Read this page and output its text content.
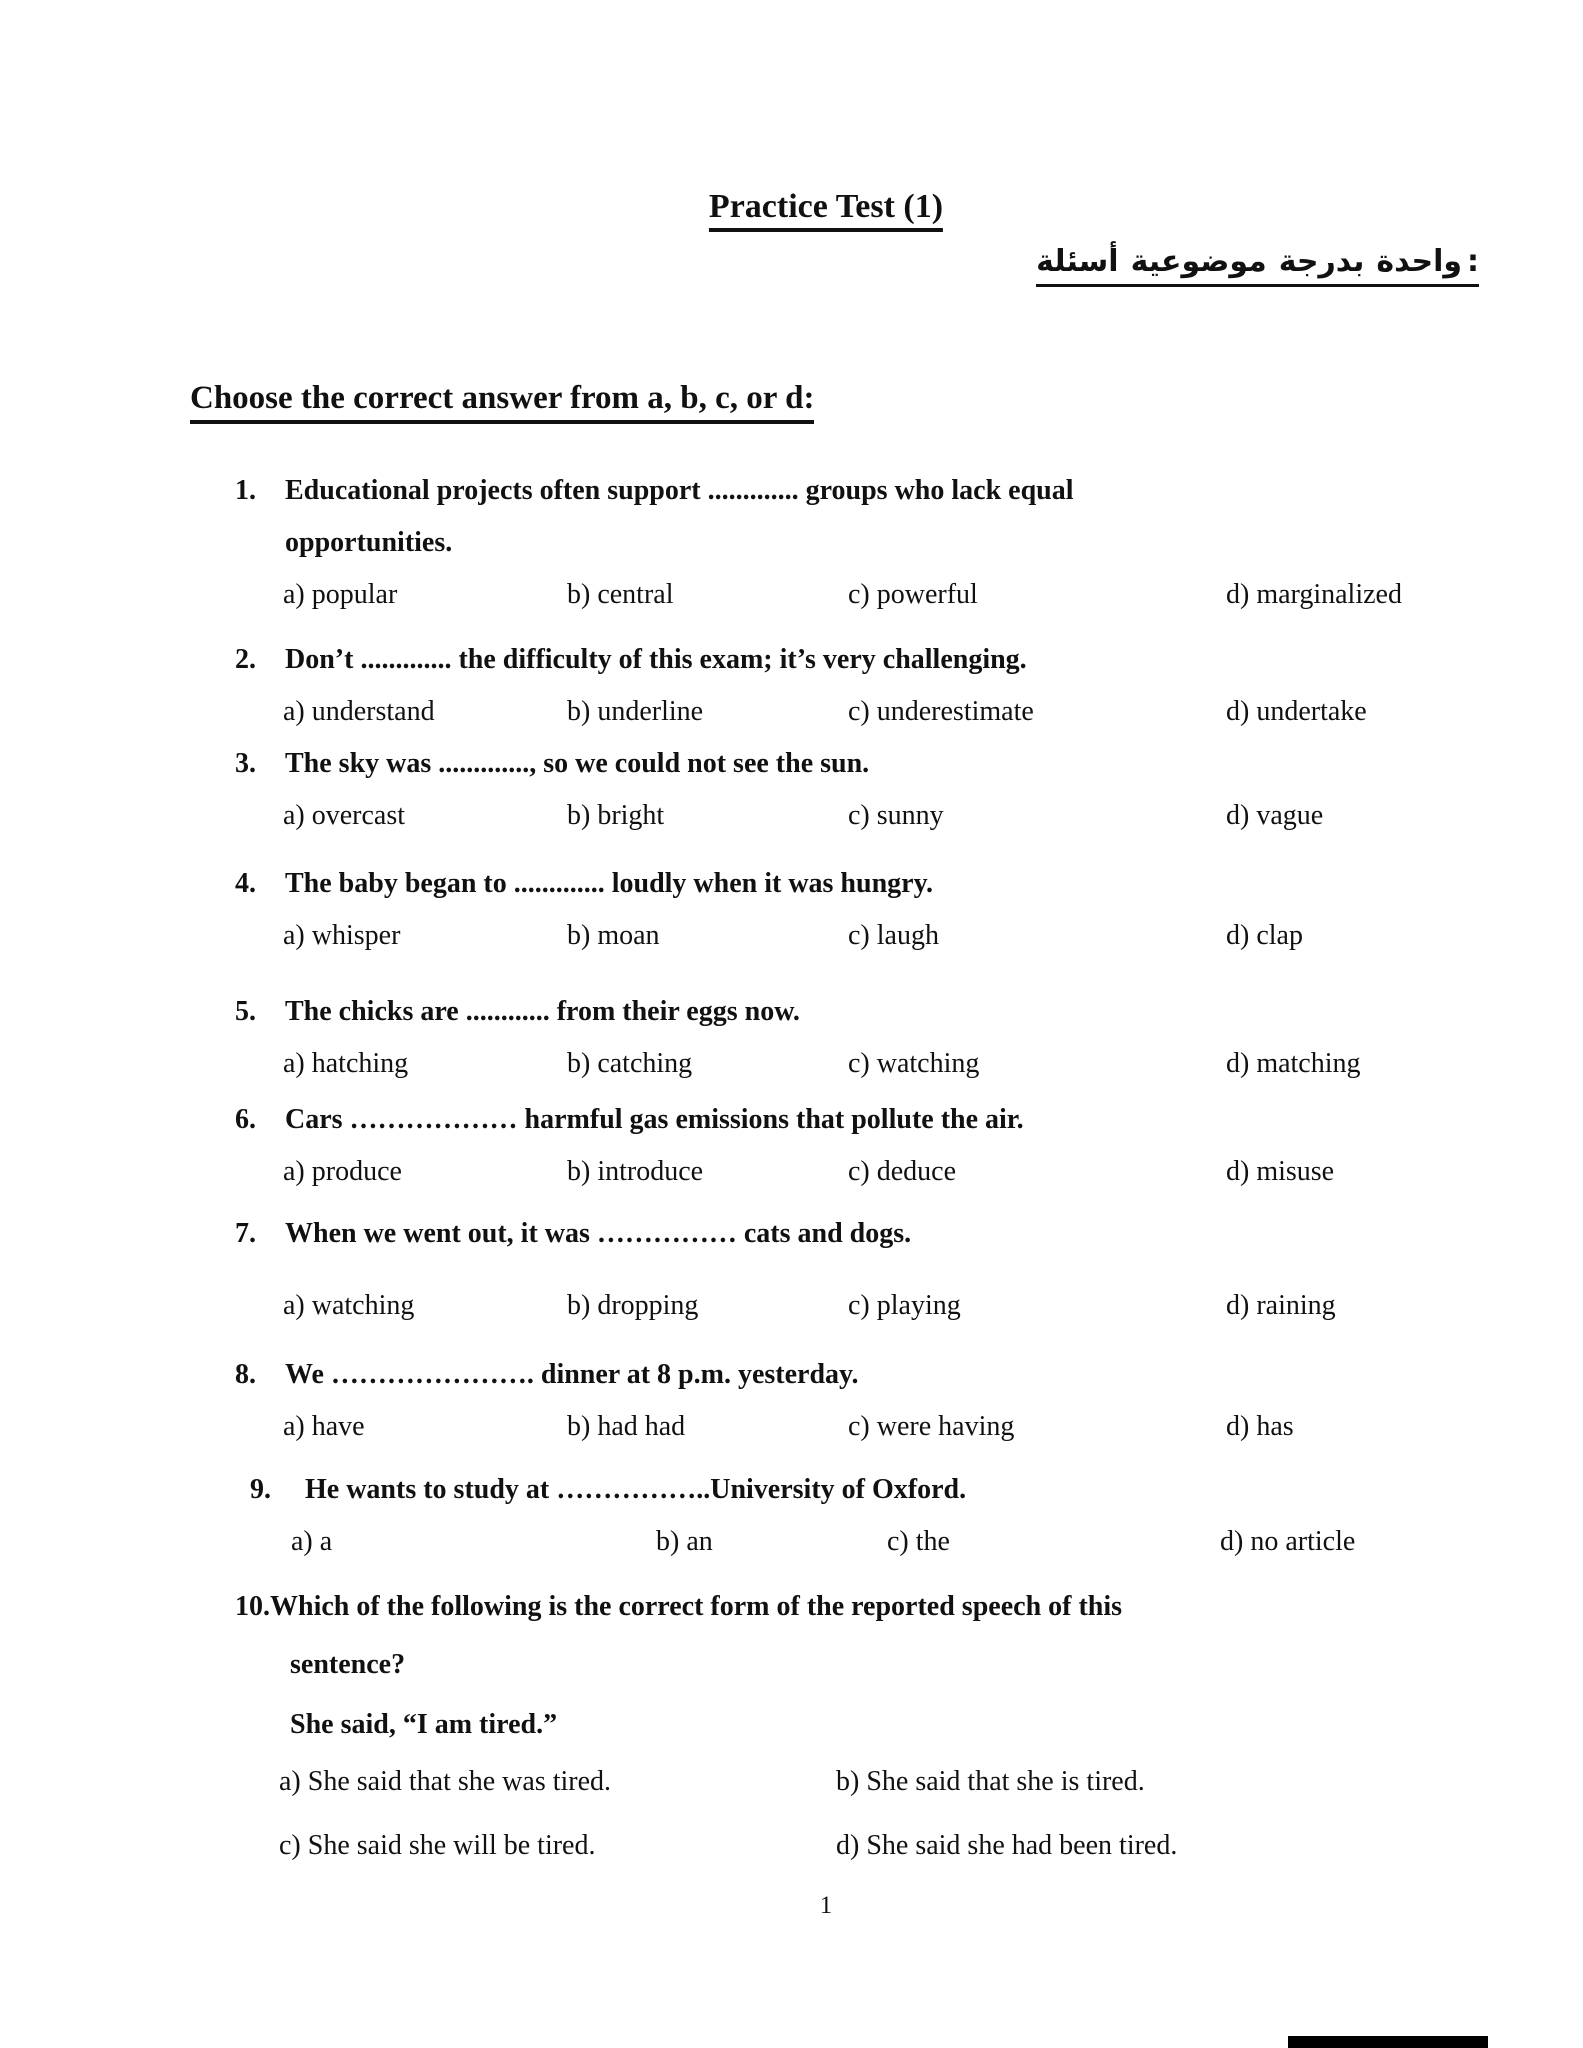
Practice Test (1)
أسئلة موضوعية بدرجة واحدة :
Choose the correct answer from a, b, c, or d:
1. Educational projects often support ............. groups who lack equal
opportunities.
a) popular	b) central	c) powerful	d) marginalized
2. Don’t ............. the difficulty of this exam; it’s very challenging.
a) understand	b) underline	c) underestimate	d) undertake
3. The sky was ............., so we could not see the sun.
a) overcast	b) bright	c) sunny	d) vague
4. The baby began to ............. loudly when it was hungry.
a) whisper	b) moan	c) laugh	d) clap
5. The chicks are ............ from their eggs now.
a) hatching	b) catching	c) watching	d) matching
6. Cars ……………… harmful gas emissions that pollute the air.
a) produce	b) introduce	c) deduce	d) misuse
7. When we went out, it was …………… cats and dogs.
a) watching	b) dropping	c) playing	d) raining
8. We …………………. dinner at 8 p.m. yesterday.
a) have	b) had had	c) were having	d) has
9. He wants to study at ……………..University of Oxford.
a) a	b) an	c) the	d) no article
10.Which of the following is the correct form of the reported speech of this
sentence?
She said, “I am tired.”
a) She said that she was tired.	b) She said that she is tired.
c) She said she will be tired.	d) She said she had been tired.
1
